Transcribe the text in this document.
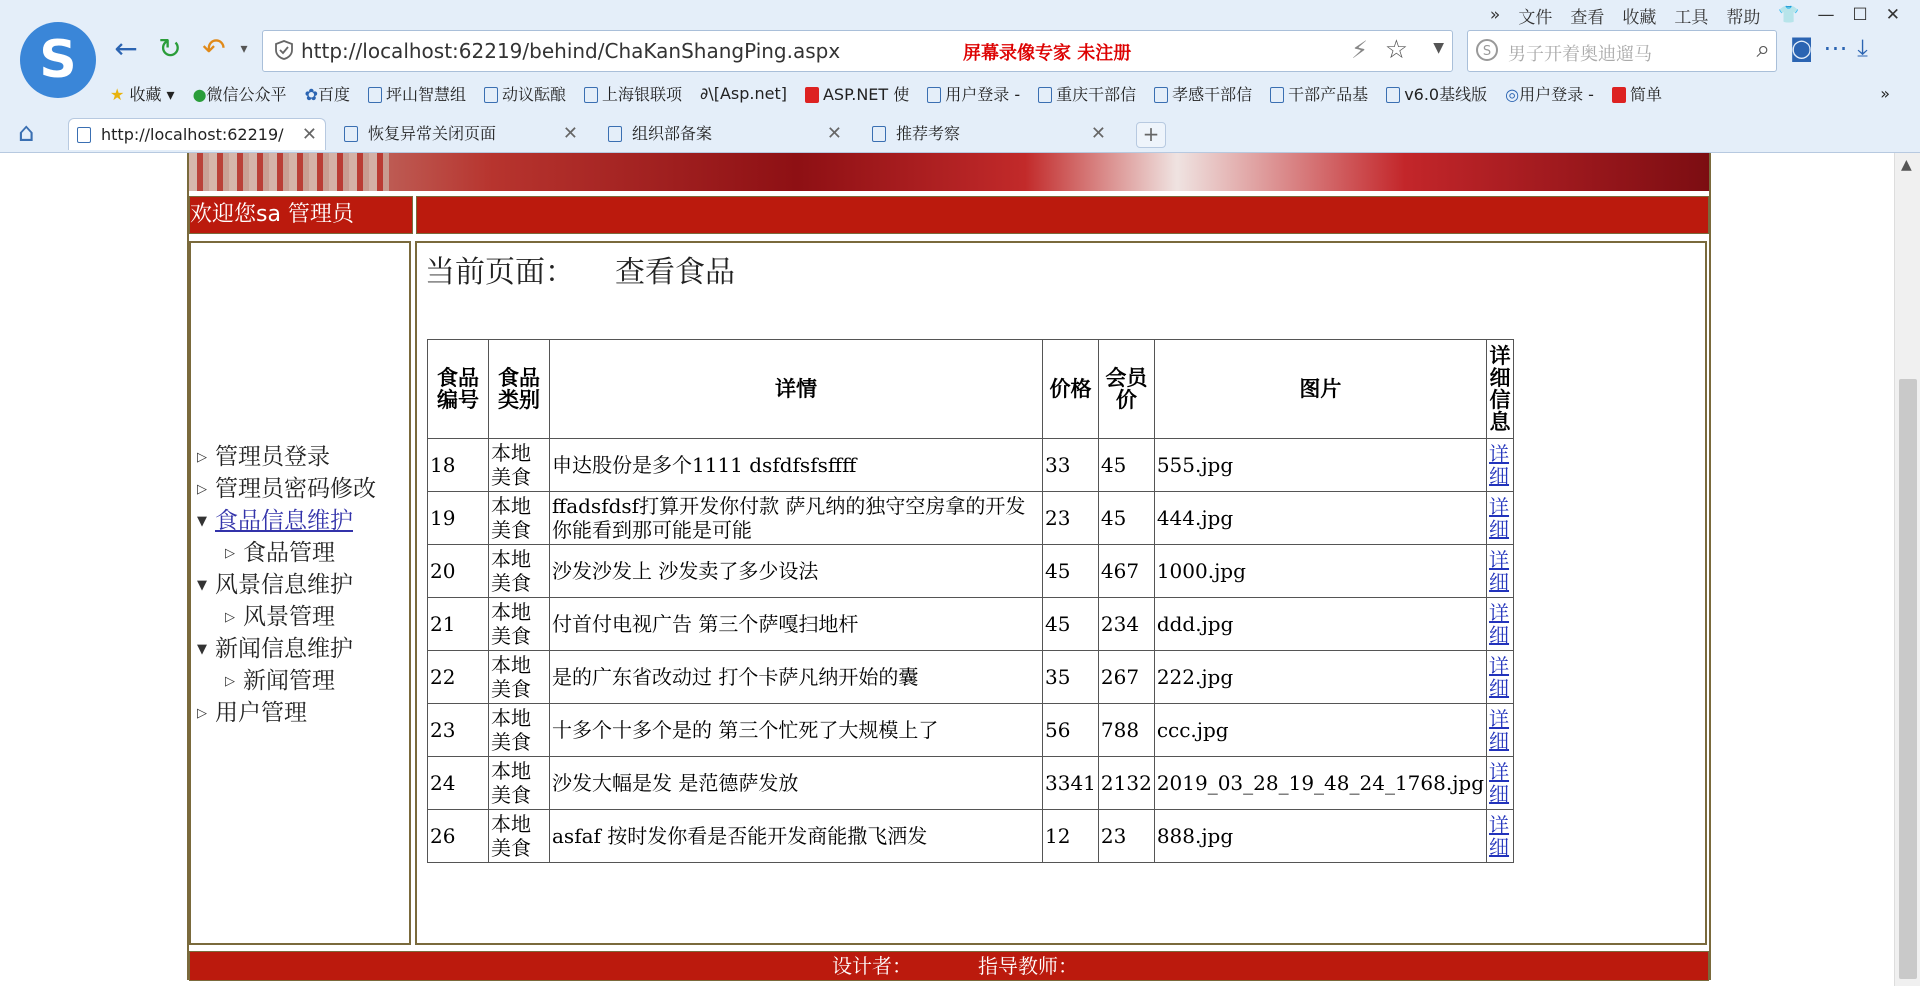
S
» 文件 查看 收藏 工具 帮助 👕 — ☐ ✕
← ↻ ↶	▾	http://localhost:62219/behind/ChaKanShangPing.aspx	屏幕录像专家 未注册	⚡ ☆ ▼	S 男子开着奥迪遛马	⌕ ◙ ⋯ ⤓
★ 收藏 ▾ ●微信公众平 ✿百度	坪山智慧组	动议酝酿	上海银联项 ∂\[Asp.net]	ASP.NET 使	用户登录 -	重庆干部信	孝感干部信	干部产品基	v6.0基线版 ◎用户登录 -	简单	»
⌂	http://localhost:62219/ ✕	恢复异常关闭页面	✕	组织部备案	✕	推荐考察	✕	+
欢迎您sa 管理员
▷ 管理员登录
▷ 管理员密码修改
▼ 食品信息维护
▷ 食品管理
▼ 风景信息维护
▷ 风景管理
▼ 新闻信息维护
▷ 新闻管理
▷ 用户管理
当前页面： 查看食品
食品编号	食品类别	详情	价格	会员价	图片	详细信息
18	本地美食	申达股份是多个1111 dsfdfsfsffff	33	45	555.jpg	详细
19	本地美食	ffadsfdsf打算开发你付款 萨凡纳的独守空房拿的开发你能看到那可能是可能	23	45	444.jpg	详细
20	本地美食	沙发沙发上 沙发卖了多少设法	45	467	1000.jpg	详细
21	本地美食	付首付电视广告 第三个萨嘎扫地杆	45	234	ddd.jpg	详细
22	本地美食	是的广东省改动过 打个卡萨凡纳开始的囊	35	267	222.jpg	详细
23	本地美食	十多个十多个是的 第三个忙死了大规模上了	56	788	ccc.jpg	详细
24	本地美食	沙发大幅是发 是范德萨发放	3341	2132	2019_03_28_19_48_24_1768.jpg	详细
26	本地美食	asfaf 按时发你看是否能开发商能撒飞洒发	12	23	888.jpg	详细
设计者：	指导教师：
▲
